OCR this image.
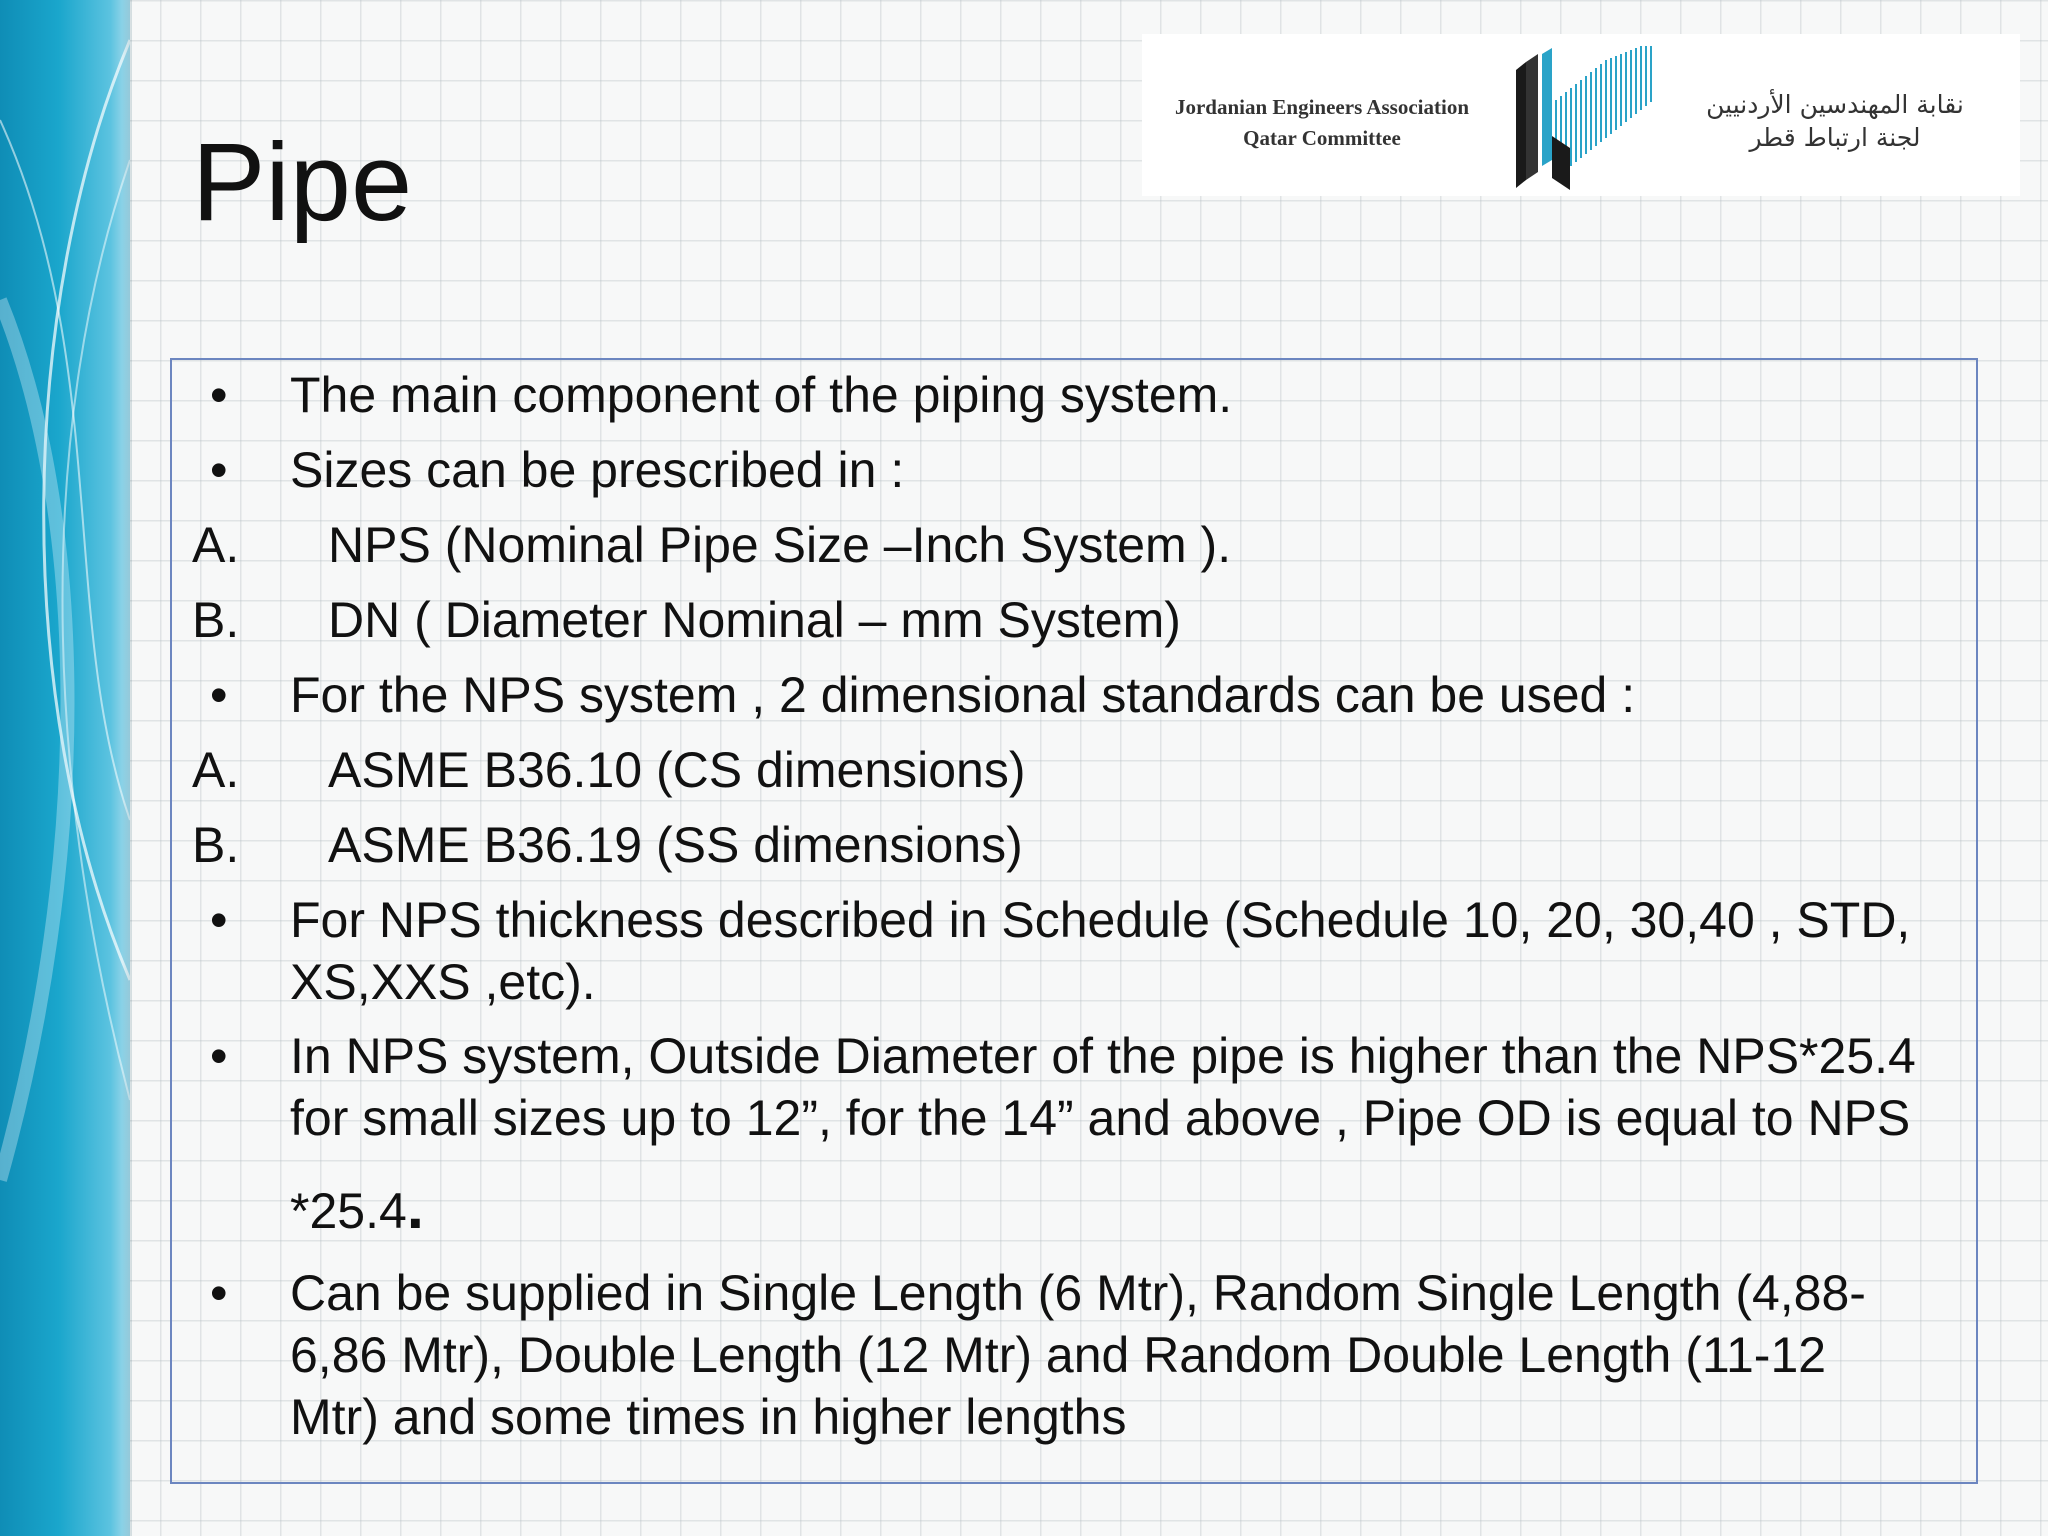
Pipe
Jordanian Engineers Association
Qatar Committee
نقابة المهندسين الأردنيين
لجنة ارتباط قطر
• The main component of the piping system.
• Sizes can be prescribed in :
A. NPS (Nominal Pipe Size –Inch System ).
B. DN ( Diameter Nominal – mm System)
• For the NPS system , 2 dimensional standards can be used :
A. ASME B36.10 (CS dimensions)
B. ASME B36.19 (SS dimensions)
• For NPS thickness described in Schedule (Schedule 10, 20, 30,40 , STD,
XS,XXS ,etc).
• In NPS system, Outside Diameter of the pipe is higher than the NPS*25.4
for small sizes up to 12”, for the 14” and above , Pipe OD is equal to NPS
*25.4.
• Can be supplied in Single Length (6 Mtr), Random Single Length (4,88-
6,86 Mtr), Double Length (12 Mtr) and Random Double Length (11-12
Mtr) and some times in higher lengths
